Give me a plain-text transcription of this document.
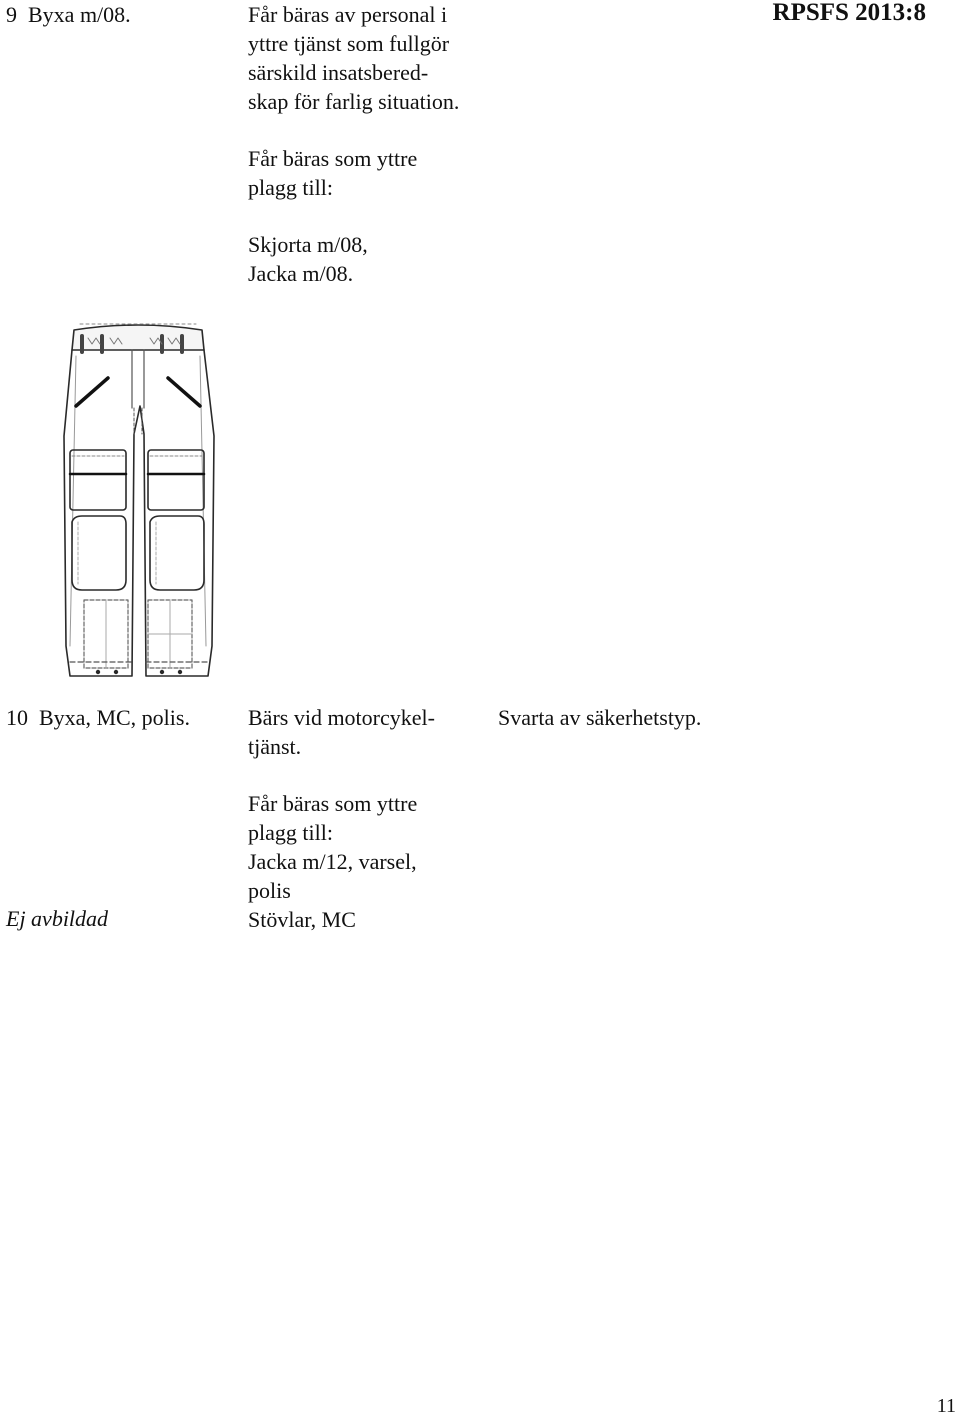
RPSFS 2013:8
9 Byxa m/08.	Får bäras av personal i
yttre tjänst som fullgör
särskild insatsbered-
skap för farlig situation.
Får bäras som yttre
plagg till:
Skjorta m/08,
Jacka m/08.
10 Byxa, MC, polis.	Bärs vid motorcykel-
tjänst.
Svarta av säkerhetstyp.
Får bäras som yttre
plagg till:
Jacka m/12, varsel,
polis
Stövlar, MC
Ej avbildad
11
